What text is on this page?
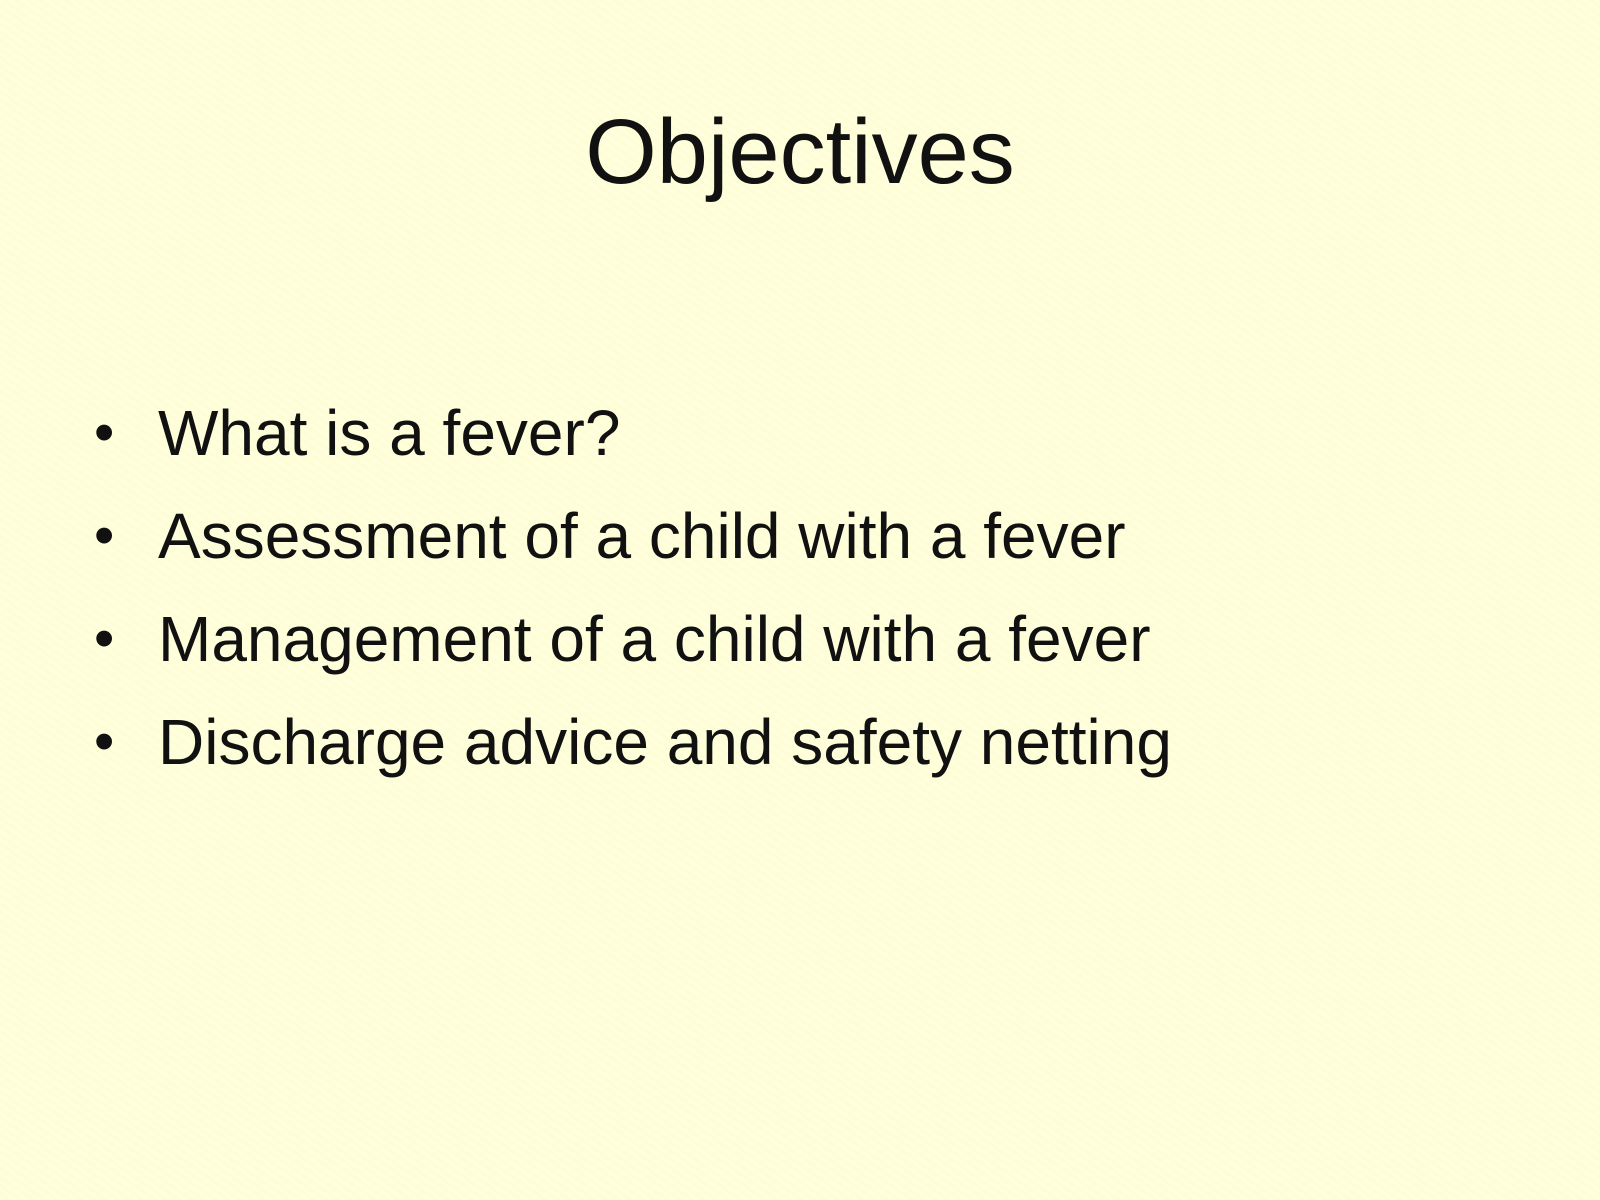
Objectives
• What is a fever?
• Assessment of a child with a fever
• Management of a child with a fever
• Discharge advice and safety netting
